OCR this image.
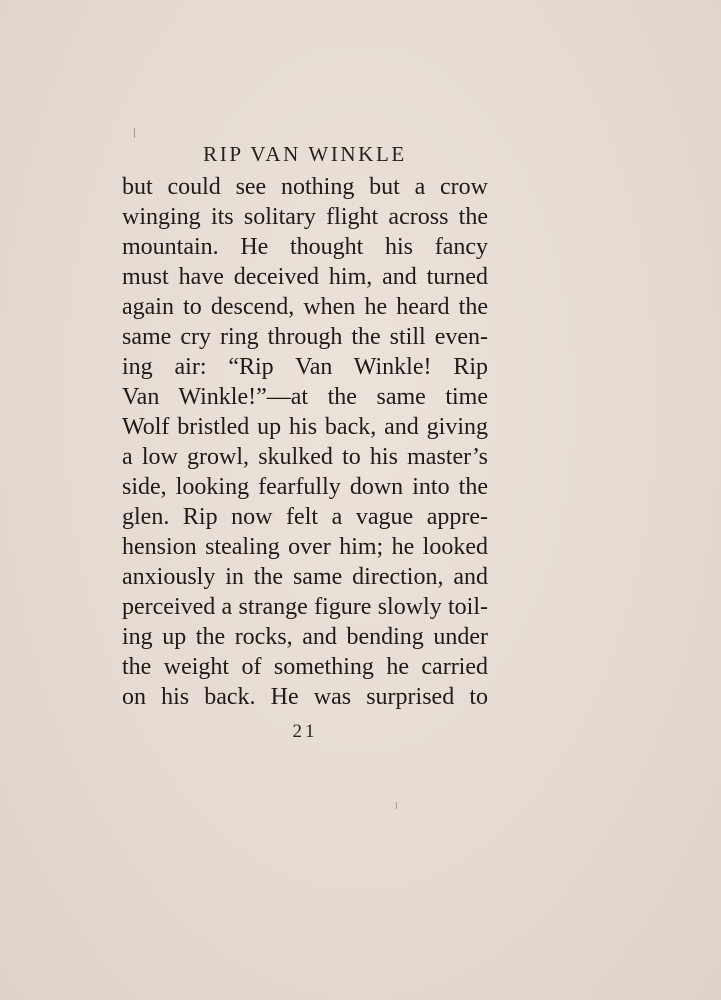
RIP VAN WINKLE
but could see nothing but a crow
winging its solitary flight across the
mountain. He thought his fancy
must have deceived him, and turned
again to descend, when he heard the
same cry ring through the still even-
ing air: “Rip Van Winkle! Rip
Van Winkle!”—at the same time
Wolf bristled up his back, and giving
a low growl, skulked to his master’s
side, looking fearfully down into the
glen. Rip now felt a vague appre-
hension stealing over him; he looked
anxiously in the same direction, and
perceived a strange figure slowly toil-
ing up the rocks, and bending under
the weight of something he carried
on his back. He was surprised to
21
